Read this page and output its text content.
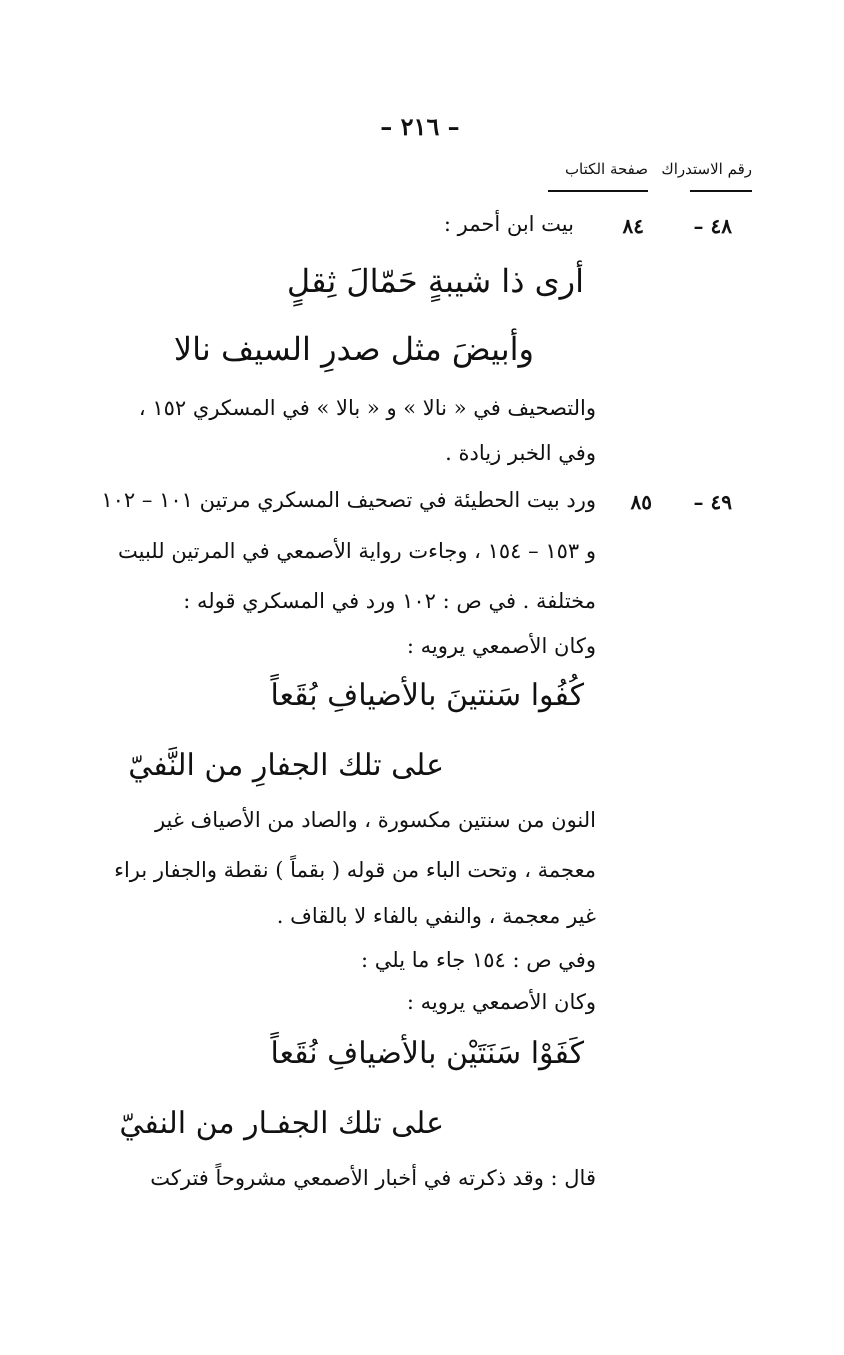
– ٢١٦ –
رقم الاستدراك
صفحة الكتاب
٤٨ –
٨٤
بيت ابن أحمر :
أرى ذا شيبةٍ حَمّالَ ثِقلٍ
وأبيضَ مثل صدرِ السيف نالا
والتصحيف في « نالا » و « بالا » في المسكري ١٥٢ ،
وفي الخبر زيادة .
٤٩ –
٨٥
ورد بيت الحطيئة في تصحيف المسكري مرتين ١٠١ – ١٠٢
و ١٥٣ – ١٥٤ ، وجاءت رواية الأصمعي في المرتين للبيت
مختلفة . في ص : ١٠٢ ورد في المسكري قوله :
وكان الأصمعي يرويه :
كُفُوا سَنتينَ بالأضيافِ بُقَعاً
على تلك الجفارِ من النَّفيّ
النون من سنتين مكسورة ، والصاد من الأصياف غير
معجمة ، وتحت الباء من قوله ( بقماً ) نقطة والجفار براء
غير معجمة ، والنفي بالفاء لا بالقاف .
وفي ص : ١٥٤ جاء ما يلي :
وكان الأصمعي يرويه :
كَفَوْا سَنَتَيْن بالأضيافِ نُقَعاً
على تلك الجفـار من النفيّ
قال : وقد ذكرته في أخبار الأصمعي مشروحاً فتركت
